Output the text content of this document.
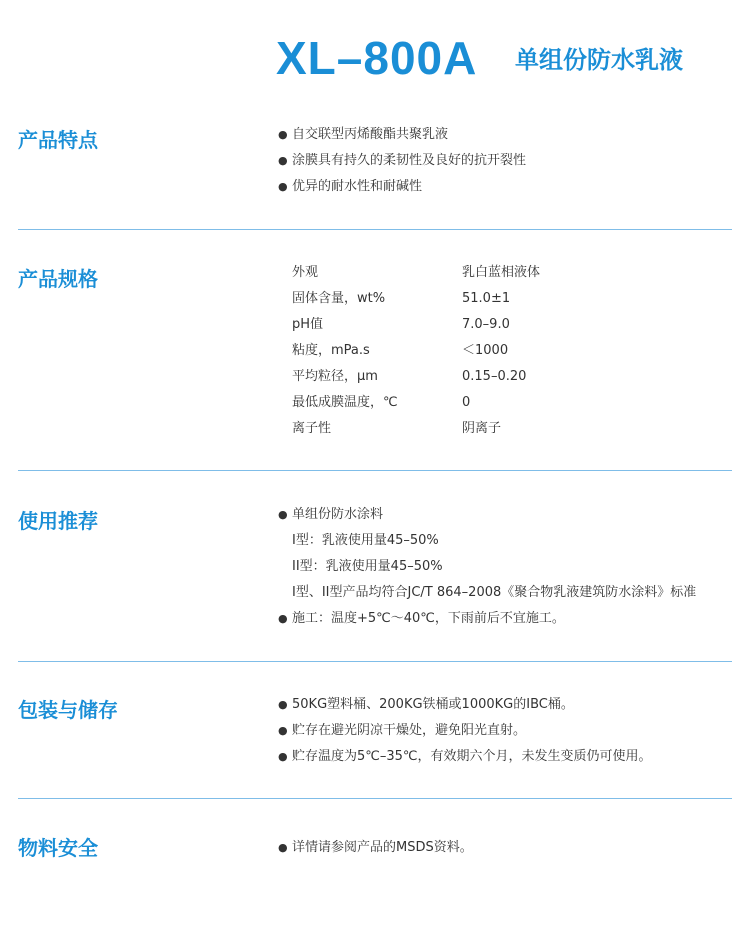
XL–800A 单组份防水乳液
产品特点	● 自交联型丙烯酸酯共聚乳液
● 涂膜具有持久的柔韧性及良好的抗开裂性
● 优异的耐水性和耐碱性
产品规格	外观	乳白蓝相液体
固体含量，wt%	51.0±1
pH值	7.0–9.0
粘度，mPa.s	＜1000
平均粒径，μm	0.15–0.20
最低成膜温度，℃	0
离子性	阴离子
使用推荐	● 单组份防水涂料
I型：乳液使用量45–50%
II型：乳液使用量45–50%
I型、II型产品均符合JC/T 864–2008《聚合物乳液建筑防水涂料》标准
● 施工：温度+5℃～40℃，下雨前后不宜施工。
包装与储存	● 50KG塑料桶、200KG铁桶或1000KG的IBC桶。
● 贮存在避光阴凉干燥处，避免阳光直射。
● 贮存温度为5℃–35℃，有效期六个月，未发生变质仍可使用。
物料安全	● 详情请参阅产品的MSDS资料。
